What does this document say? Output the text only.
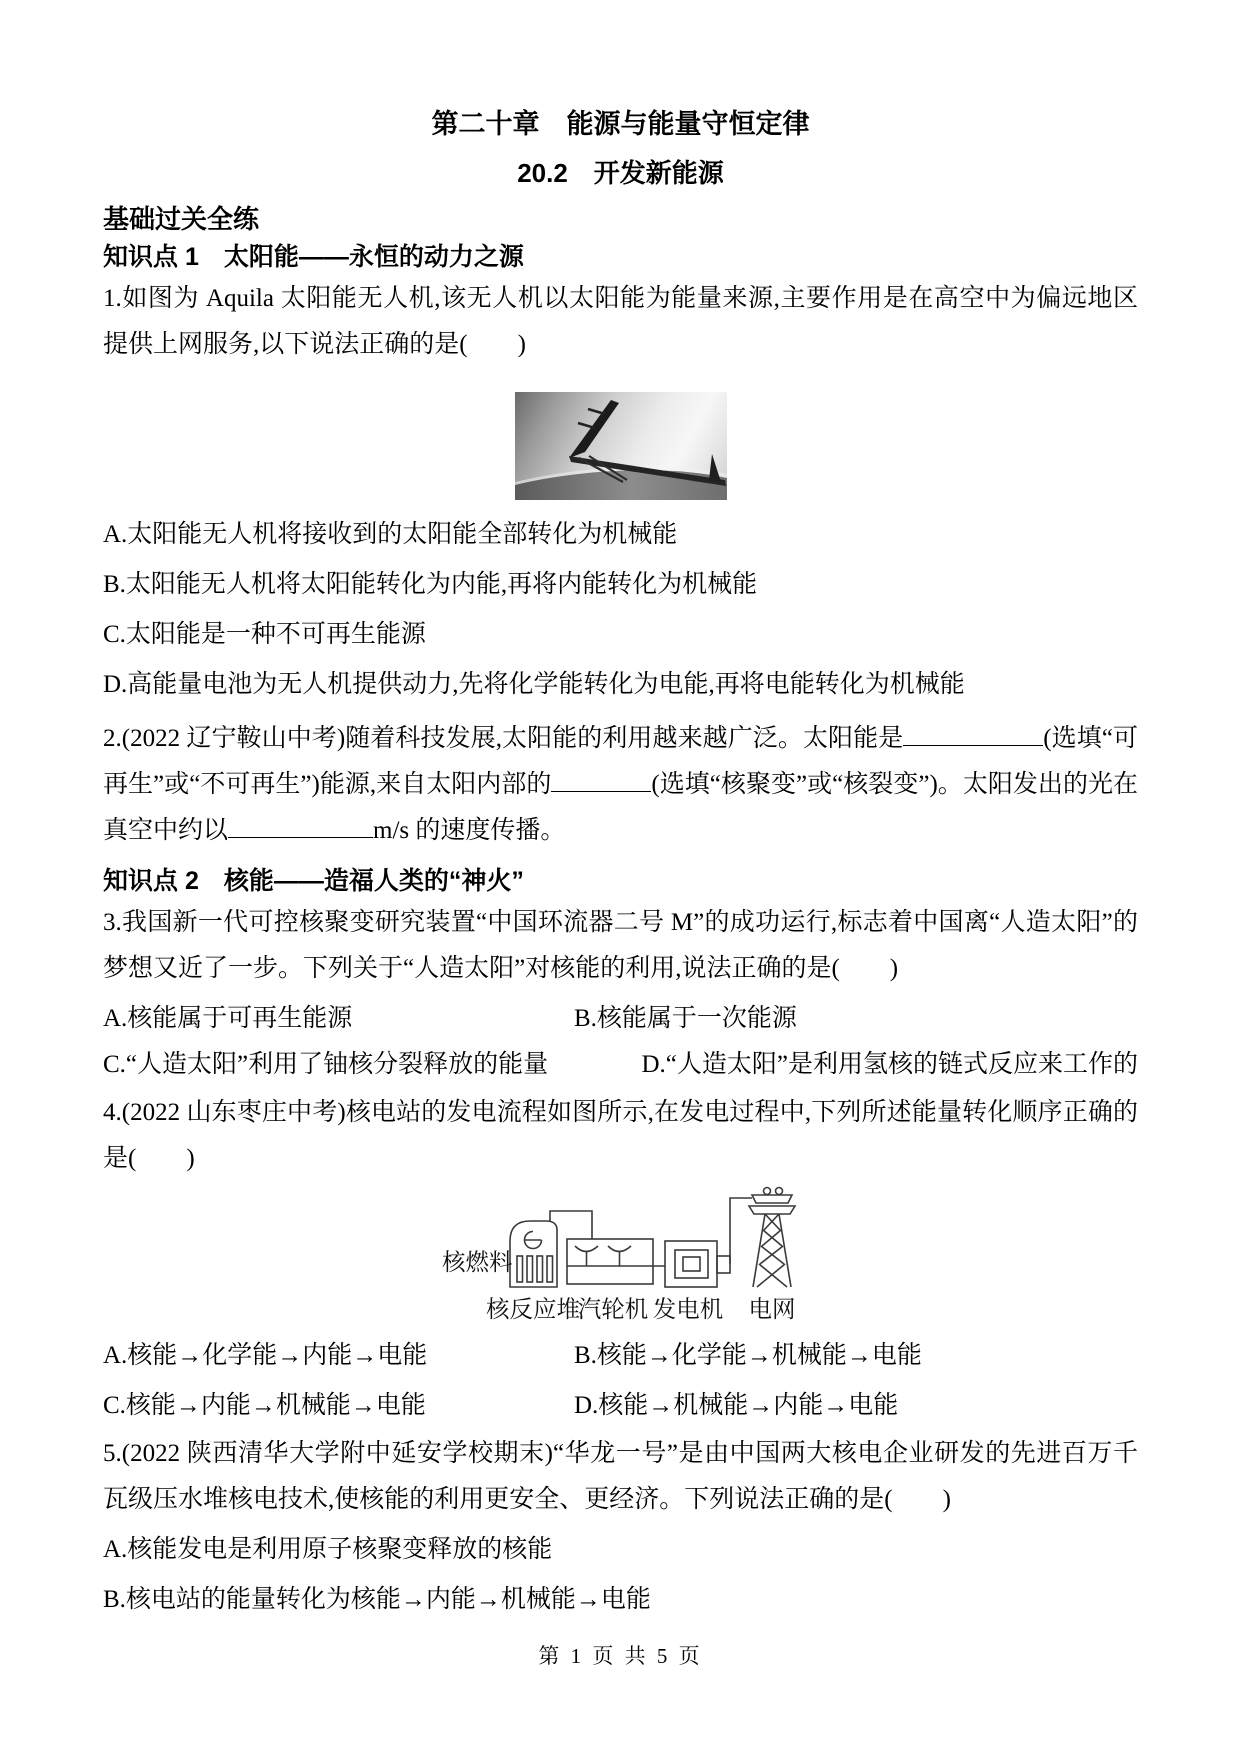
第二十章　能源与能量守恒定律
20.2　开发新能源
基础过关全练
知识点 1　太阳能——永恒的动力之源

1.如图为 Aquila 太阳能无人机,该无人机以太阳能为能量来源,主要作用是在高空中为偏远地区提供上网服务,以下说法正确的是(　　)

A.太阳能无人机将接收到的太阳能全部转化为机械能

B.太阳能无人机将太阳能转化为内能,再将内能转化为机械能

C.太阳能是一种不可再生能源

D.高能量电池为无人机提供动力,先将化学能转化为电能,再将电能转化为机械能

2.(2022 辽宁鞍山中考)随着科技发展,太阳能的利用越来越广泛。太阳能是	(选填“可再生”或“不可再生”)能源,来自太阳内部的	(选填“核聚变”或“核裂变”)。太阳发出的光在真空中约以	m/s 的速度传播。

知识点 2　核能——造福人类的“神火”

3.我国新一代可控核聚变研究装置“中国环流器二号 M”的成功运行,标志着中国离“人造太阳”的梦想又近了一步。下列关于“人造太阳”对核能的利用,说法正确的是(　　)

A.核能属于可再生能源	B.核能属于一次能源

C.“人造太阳”利用了铀核分裂释放的能量	D.“人造太阳”是利用氢核的链式反应来工作的

4.(2022 山东枣庄中考)核电站的发电流程如图所示,在发电过程中,下列所述能量转化顺序正确的是(　　)

核燃料
核反应堆
汽轮机 发电机 电网
A.核能→化学能→内能→电能	B.核能→化学能→机械能→电能
C.核能→内能→机械能→电能	D.核能→机械能→内能→电能

5.(2022 陕西清华大学附中延安学校期末)“华龙一号”是由中国两大核电企业研发的先进百万千瓦级压水堆核电技术,使核能的利用更安全、更经济。下列说法正确的是(　　)

A.核能发电是利用原子核聚变释放的核能

B.核电站的能量转化为核能→内能→机械能→电能

第 1 页 共 5 页
